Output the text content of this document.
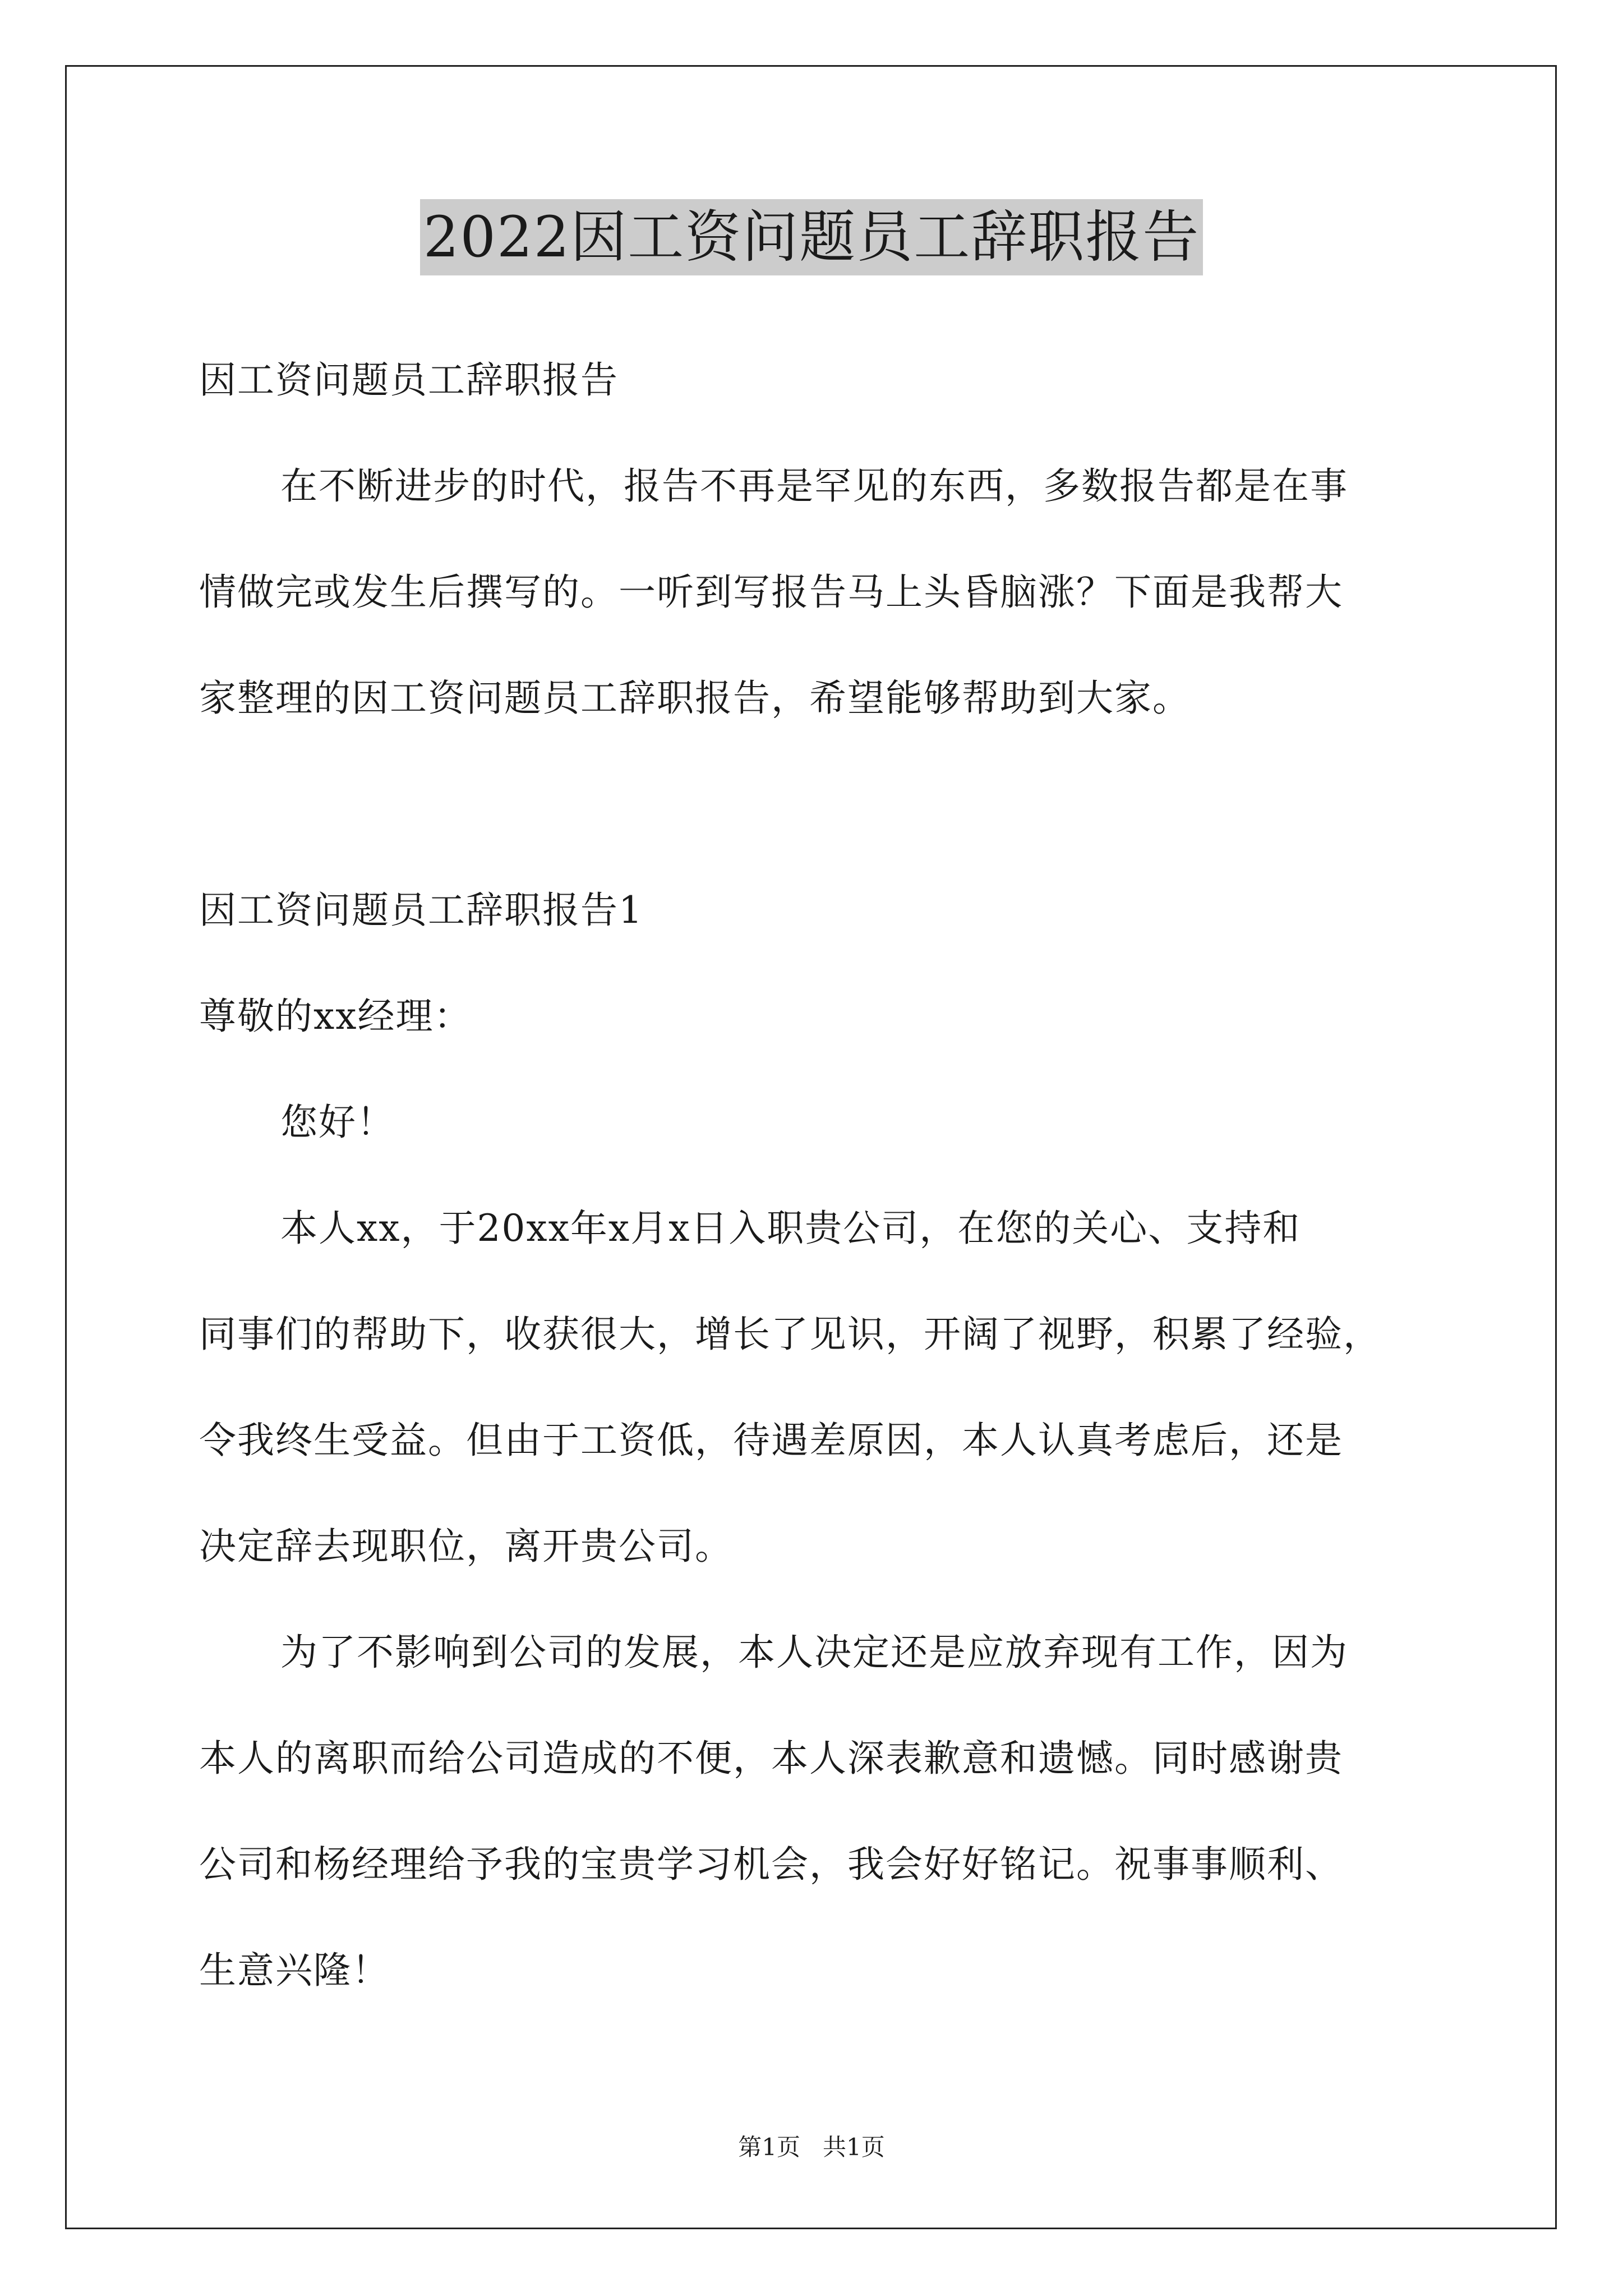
2022因工资问题员工辞职报告

因工资问题员工辞职报告

在不断进步的时代，报告不再是罕见的东西，多数报告都是在事

情做完或发生后撰写的。一听到写报告马上头昏脑涨？下面是我帮大

家整理的因工资问题员工辞职报告，希望能够帮助到大家。

因工资问题员工辞职报告1

尊敬的xx经理：

您好！

本人xx，于20xx年x月x日入职贵公司，在您的关心、支持和

同事们的帮助下，收获很大，增长了见识，开阔了视野，积累了经验，

令我终生受益。但由于工资低，待遇差原因，本人认真考虑后，还是

决定辞去现职位，离开贵公司。

为了不影响到公司的发展，本人决定还是应放弃现有工作，因为

本人的离职而给公司造成的不便，本人深表歉意和遗憾。同时感谢贵

公司和杨经理给予我的宝贵学习机会，我会好好铭记。祝事事顺利、

生意兴隆！

第1页   共1页
